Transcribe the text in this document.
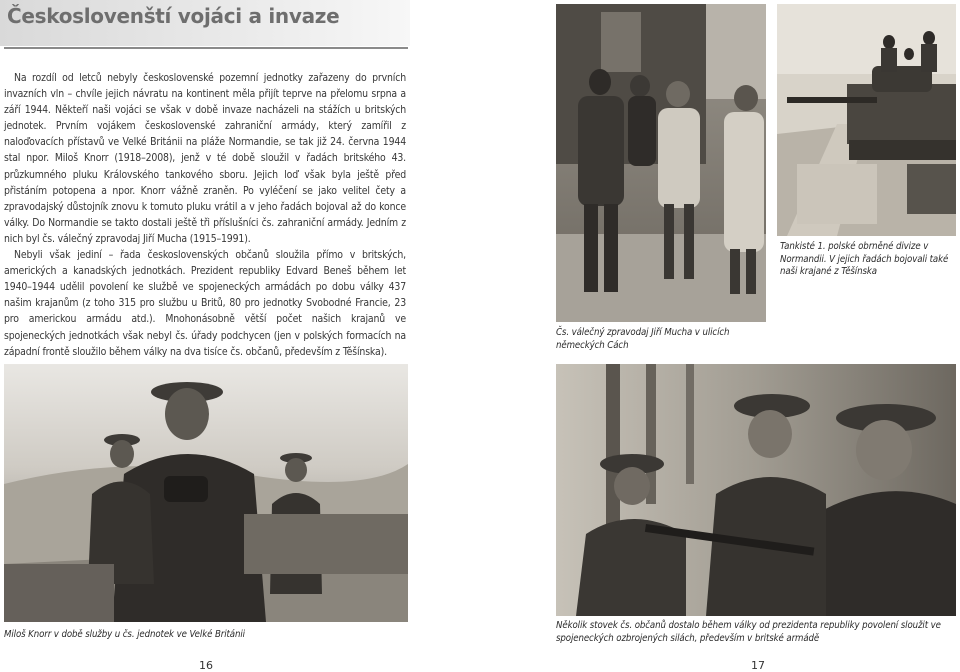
Českoslovenští vojáci a invaze

Na rozdíl od letců nebyly československé pozemní jednotky zařazeny do prvních invazních vln – chvíle jejich návratu na kontinent měla přijít teprve na přelomu srpna a září 1944. Někteří naši vojáci se však v době invaze nacházeli na stážích u britských jednotek. Prvním vojákem československé zahraniční armády, který zamířil z naloďovacích přístavů ve Velké Británii na pláže Normandie, se tak již 24. června 1944 stal npor. Miloš Knorr (1918–2008), jenž v té době sloužil v řadách britského 43. průzkumného pluku Královského tankového sboru. Jejich loď však byla ještě před přistáním potopena a npor. Knorr vážně zraněn. Po vyléčení se jako velitel čety a zpravodajský důstojník znovu k tomuto pluku vrátil a v jeho řadách bojoval až do konce války. Do Normandie se takto dostali ještě tři příslušníci čs. zahraniční armády. Jedním z nich byl čs. válečný zpravodaj Jiří Mucha (1915–1991).

Nebyli však jediní – řada československých občanů sloužila přímo v britských, amerických a kanadských jednotkách. Prezident republiky Edvard Beneš během let 1940–1944 udělil povolení ke službě ve spojeneckých armádách po dobu války 437 našim krajanům (z toho 315 pro službu u Britů, 80 pro jednotky Svobodné Francie, 23 pro americkou armádu atd.). Mnohonásobně větší počet našich krajanů ve spojeneckých jednotkách však nebyl čs. úřady podchycen (jen v polských formacích na západní frontě sloužilo během války na dva tisíce čs. občanů, především z Těšínska).

Tankisté 1. polské obrněné divize v Normandii. V jejich řadách bojovali také naši krajané z Těšínska
Čs. válečný zpravodaj Jiří Mucha v ulicích německých Cách
Miloš Knorr v době služby u čs. jednotek ve Velké Británii
Několik stovek čs. občanů dostalo během války od prezidenta republiky povolení sloužit ve spojeneckých ozbrojených silách, především v britské armádě
16	17
